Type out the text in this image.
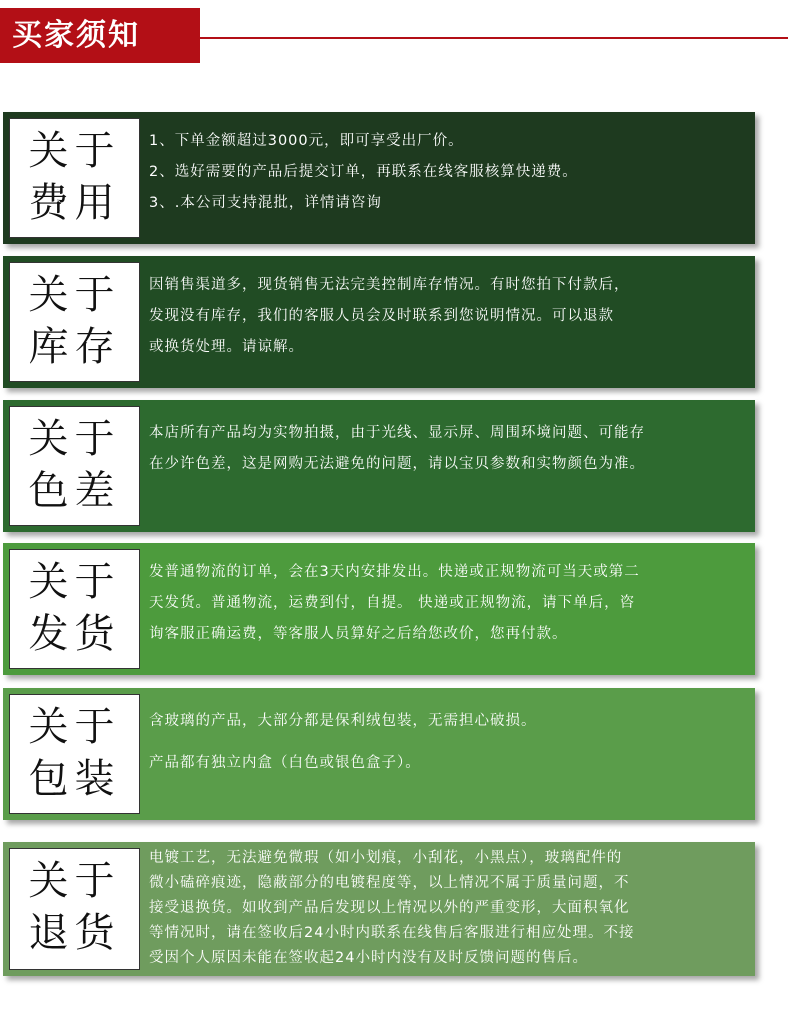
买家须知
关于
费用

1、下单金额超过3000元，即可享受出厂价。

2、选好需要的产品后提交订单，再联系在线客服核算快递费。

3、.本公司支持混批，详情请咨询

关于
库存

因销售渠道多，现货销售无法完美控制库存情况。有时您拍下付款后，

发现没有库存，我们的客服人员会及时联系到您说明情况。可以退款

或换货处理。请谅解。

关于
色差

本店所有产品均为实物拍摄，由于光线、显示屏、周围环境问题、可能存

在少许色差，这是网购无法避免的问题，请以宝贝参数和实物颜色为准。

关于
发货

发普通物流的订单，会在3天内安排发出。快递或正规物流可当天或第二

天发货。普通物流，运费到付，自提。 快递或正规物流，请下单后，咨

询客服正确运费，等客服人员算好之后给您改价，您再付款。

关于
包装

含玻璃的产品，大部分都是保利绒包装，无需担心破损。

产品都有独立内盒（白色或银色盒子）。

关于
退货

电镀工艺，无法避免微瑕（如小划痕，小刮花，小黑点），玻璃配件的

微小磕碎痕迹，隐蔽部分的电镀程度等，以上情况不属于质量问题，不

接受退换货。如收到产品后发现以上情况以外的严重变形，大面积氧化

等情况时，请在签收后24小时内联系在线售后客服进行相应处理。不接

受因个人原因未能在签收起24小时内没有及时反馈问题的售后。
